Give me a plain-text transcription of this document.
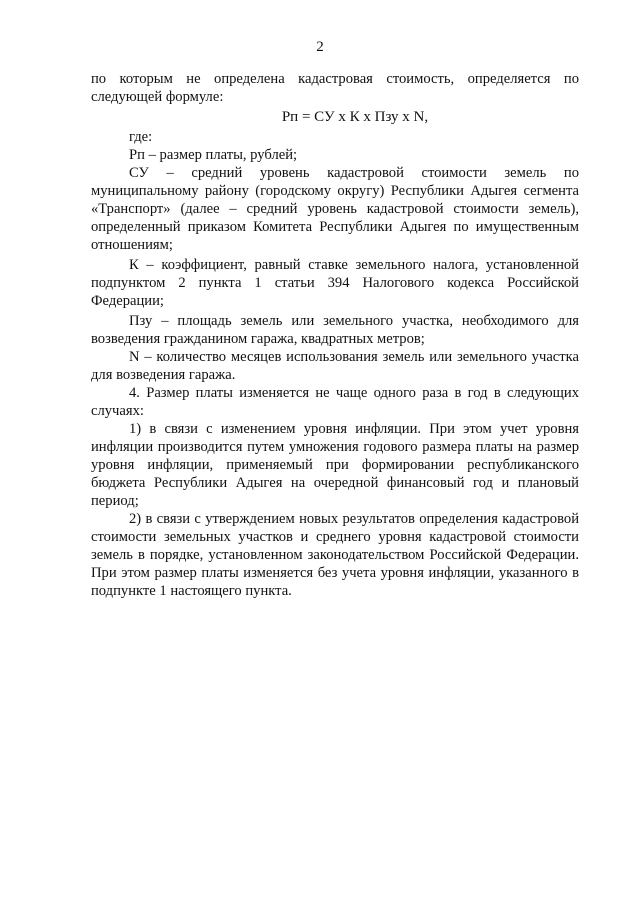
2

по которым не определена кадастровая стоимость, определяется по следующей формуле:

Рп = СУ x К x Пзу x N,

где:

Рп – размер платы, рублей;

СУ – средний уровень кадастровой стоимости земель по муниципальному району (городскому округу) Республики Адыгея сегмента «Транспорт» (далее – средний уровень кадастровой стоимости земель), определенный приказом Комитета Республики Адыгея по имущественным отношениям;

К – коэффициент, равный ставке земельного налога, установленной подпунктом 2 пункта 1 статьи 394 Налогового кодекса Российской Федерации;

Пзу – площадь земель или земельного участка, необходимого для возведения гражданином гаража, квадратных метров;

N – количество месяцев использования земель или земельного участка для возведения гаража.

4. Размер платы изменяется не чаще одного раза в год в следующих случаях:

1) в связи с изменением уровня инфляции. При этом учет уровня инфляции производится путем умножения годового размера платы на размер уровня инфляции, применяемый при формировании республиканского бюджета Республики Адыгея на очередной финансовый год и плановый период;

2) в связи с утверждением новых результатов определения кадастровой стоимости земельных участков и среднего уровня кадастровой стоимости земель в порядке, установленном законодательством Российской Федерации. При этом размер платы изменяется без учета уровня инфляции, указанного в подпункте 1 настоящего пункта.
